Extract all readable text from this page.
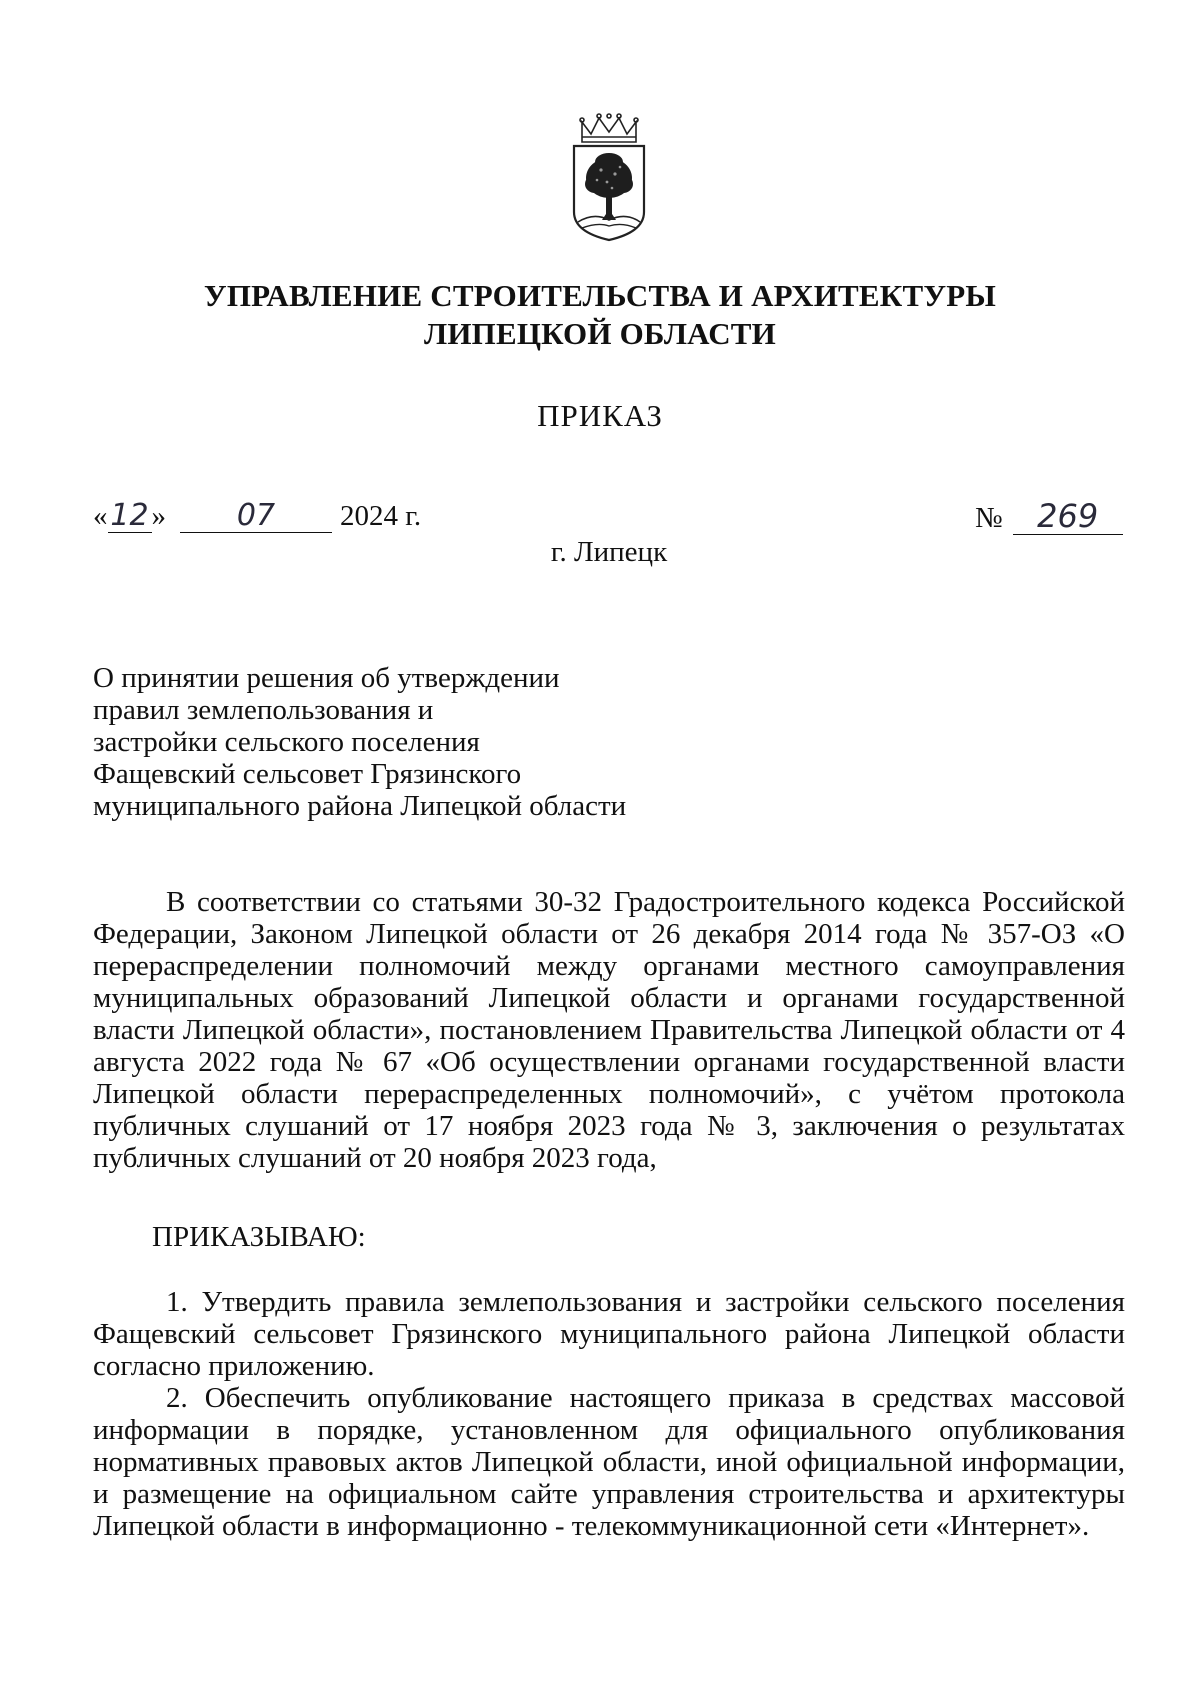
УПРАВЛЕНИЕ СТРОИТЕЛЬСТВА И АРХИТЕКТУРЫ
ЛИПЕЦКОЙ ОБЛАСТИ
ПРИКАЗ
«12 » 07 2024 г.	№ 269
г. Липецк
О принятии решения об утверждении
правил землепользования и
застройки сельского поселения
Фащевский сельсовет Грязинского
муниципального района Липецкой области
В соответствии со статьями 30-32 Градостроительного кодекса Российской Федерации, Законом Липецкой области от 26 декабря 2014 года № 357-ОЗ «О перераспределении полномочий между органами местного самоуправления муниципальных образований Липецкой области и органами государственной власти Липецкой области», постановлением Правительства Липецкой области от 4 августа 2022 года № 67 «Об осуществлении органами государственной власти Липецкой области перераспределенных полномочий», с учётом протокола публичных слушаний от 17 ноября 2023 года № 3, заключения о результатах публичных слушаний от 20 ноября 2023 года,
ПРИКАЗЫВАЮ:
1. Утвердить правила землепользования и застройки сельского поселения Фащевский сельсовет Грязинского муниципального района Липецкой области согласно приложению.
2. Обеспечить опубликование настоящего приказа в средствах массовой информации в порядке, установленном для официального опубликования нормативных правовых актов Липецкой области, иной официальной информации, и размещение на официальном сайте управления строительства и архитектуры Липецкой области в информационно - телекоммуникационной сети «Интернет».
